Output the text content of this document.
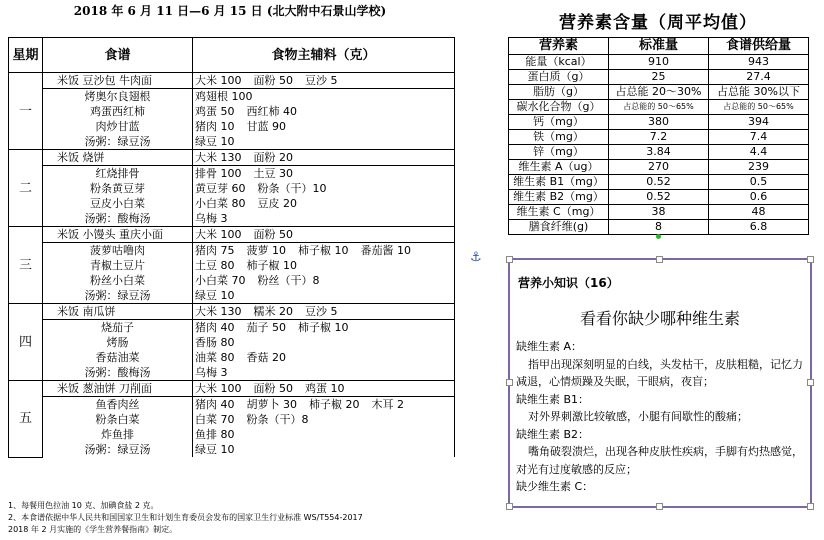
2018 年 6 月 11 日—6 月 15 日 (北大附中石景山学校)
星期	食谱	食物主辅料（克）
一	米饭 豆沙包 牛肉面	大米 100 面粉 50 豆沙 5
	烤奥尔良翅根	鸡翅根 100
	鸡蛋西红柿	鸡蛋 50 西红柿 40
	肉炒甘蓝	猪肉 10 甘蓝 90
	汤粥：绿豆汤	绿豆 10
二	米饭 烧饼	大米 130 面粉 20
	红烧排骨	排骨 100 土豆 30
	粉条黄豆芽	黄豆芽 60 粉条（干）10
	豆皮小白菜	小白菜 80 豆皮 20
	汤粥：酸梅汤	乌梅 3
三	米饭 小馒头 重庆小面	大米 100 面粉 50
	菠萝咕噜肉	猪肉 75 菠萝 10 柿子椒 10 番茄酱 10
	青椒土豆片	土豆 80 柿子椒 10
	粉丝小白菜	小白菜 70 粉丝（干）8
	汤粥：绿豆汤	绿豆 10
四	米饭 南瓜饼	大米 130 糯米 20 豆沙 5
	烧茄子	猪肉 40 茄子 50 柿子椒 10
	烤肠	香肠 80
	香菇油菜	油菜 80 香菇 20
	汤粥：酸梅汤	乌梅 3
五	米饭 葱油饼 刀削面	大米 100 面粉 50 鸡蛋 10
	鱼香肉丝	猪肉 40 胡萝卜 30 柿子椒 20 木耳 2
	粉条白菜	白菜 70 粉条（干）8
	炸鱼排	鱼排 80
	汤粥：绿豆汤	绿豆 10
1、每餐用色拉油 10 克、加碘食盐 2 克。
2、本食谱依据中华人民共和国国家卫生和计划生育委员会发布的国家卫生行业标准 WS/T554-2017
2018 年 2 月实施的《学生营养餐指南》制定。
营养素含量（周平均值）
营养素	标准量	食谱供给量
能量（kcal）	910	943
蛋白质（g）	25	27.4
脂肪（g）	占总能 20～30%	占总能 30%以下
碳水化合物（g）	占总能的 50～65%	占总能的 50～65%
钙（mg）	380	394
铁（mg）	7.2	7.4
锌（mg）	3.84	4.4
维生素 A（ug）	270	239
维生素 B1（mg）	0.52	0.5
维生素 B2（mg）	0.52	0.6
维生素 C（mg）	38	48
膳食纤维(g)	8	6.8
⚓
营养小知识（16）
看看你缺少哪种维生素
缺维生素 A：
指甲出现深刻明显的白线，头发枯干，皮肤粗糙，记忆力减退，心情烦躁及失眠，干眼病，夜盲；
缺维生素 B1：
对外界刺激比较敏感，小腿有间歇性的酸痛；
缺维生素 B2：
嘴角破裂溃烂，出现各种皮肤性疾病，手脚有灼热感觉，对光有过度敏感的反应；
缺少维生素 C：
